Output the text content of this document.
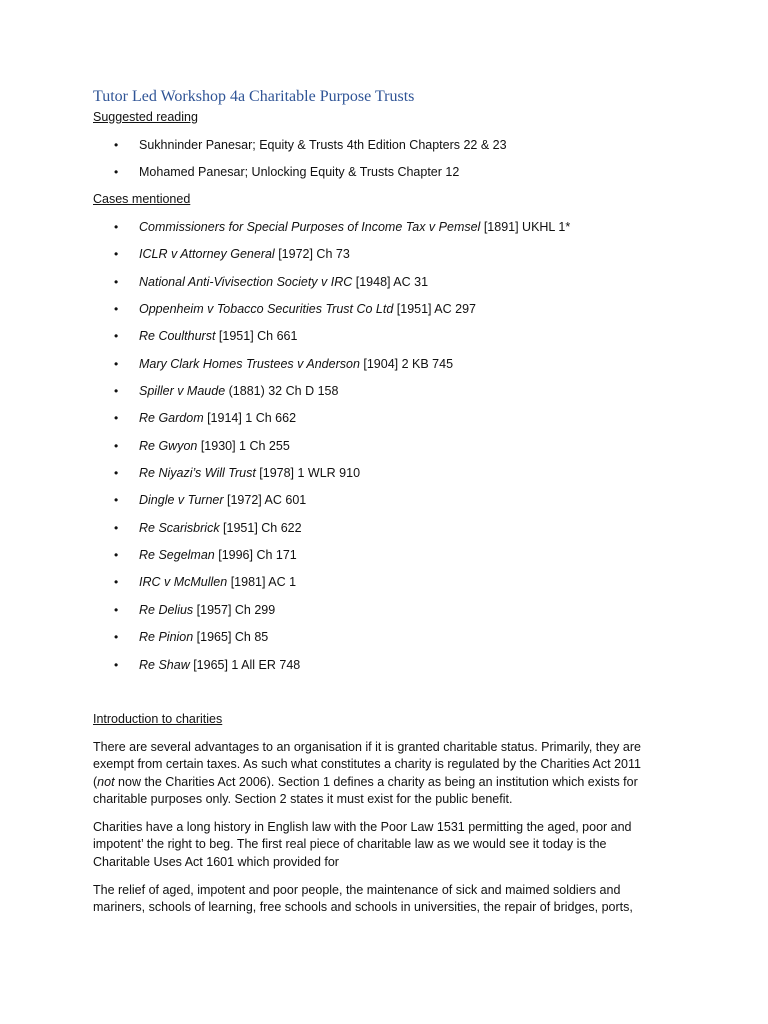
Tutor Led Workshop 4a Charitable Purpose Trusts
Suggested reading
• Sukhninder Panesar; Equity & Trusts 4th Edition Chapters 22 & 23
• Mohamed Panesar; Unlocking Equity & Trusts Chapter 12
Cases mentioned
• Commissioners for Special Purposes of Income Tax v Pemsel [1891] UKHL 1*
• ICLR v Attorney General [1972] Ch 73
• National Anti-Vivisection Society v IRC [1948] AC 31
• Oppenheim v Tobacco Securities Trust Co Ltd [1951] AC 297
• Re Coulthurst [1951] Ch 661
• Mary Clark Homes Trustees v Anderson [1904] 2 KB 745
• Spiller v Maude (1881) 32 Ch D 158
• Re Gardom [1914] 1 Ch 662
• Re Gwyon [1930] 1 Ch 255
• Re Niyazi’s Will Trust [1978] 1 WLR 910
• Dingle v Turner [1972] AC 601
• Re Scarisbrick [1951] Ch 622
• Re Segelman [1996] Ch 171
• IRC v McMullen [1981] AC 1
• Re Delius [1957] Ch 299
• Re Pinion [1965] Ch 85
• Re Shaw [1965] 1 All ER 748
Introduction to charities
There are several advantages to an organisation if it is granted charitable status. Primarily, they are
exempt from certain taxes. As such what constitutes a charity is regulated by the Charities Act 2011
(not now the Charities Act 2006). Section 1 defines a charity as being an institution which exists for
charitable purposes only. Section 2 states it must exist for the public benefit.
Charities have a long history in English law with the Poor Law 1531 permitting the aged, poor and
impotent’ the right to beg. The first real piece of charitable law as we would see it today is the
Charitable Uses Act 1601 which provided for
The relief of aged, impotent and poor people, the maintenance of sick and maimed soldiers and
mariners, schools of learning, free schools and schools in universities, the repair of bridges, ports,
